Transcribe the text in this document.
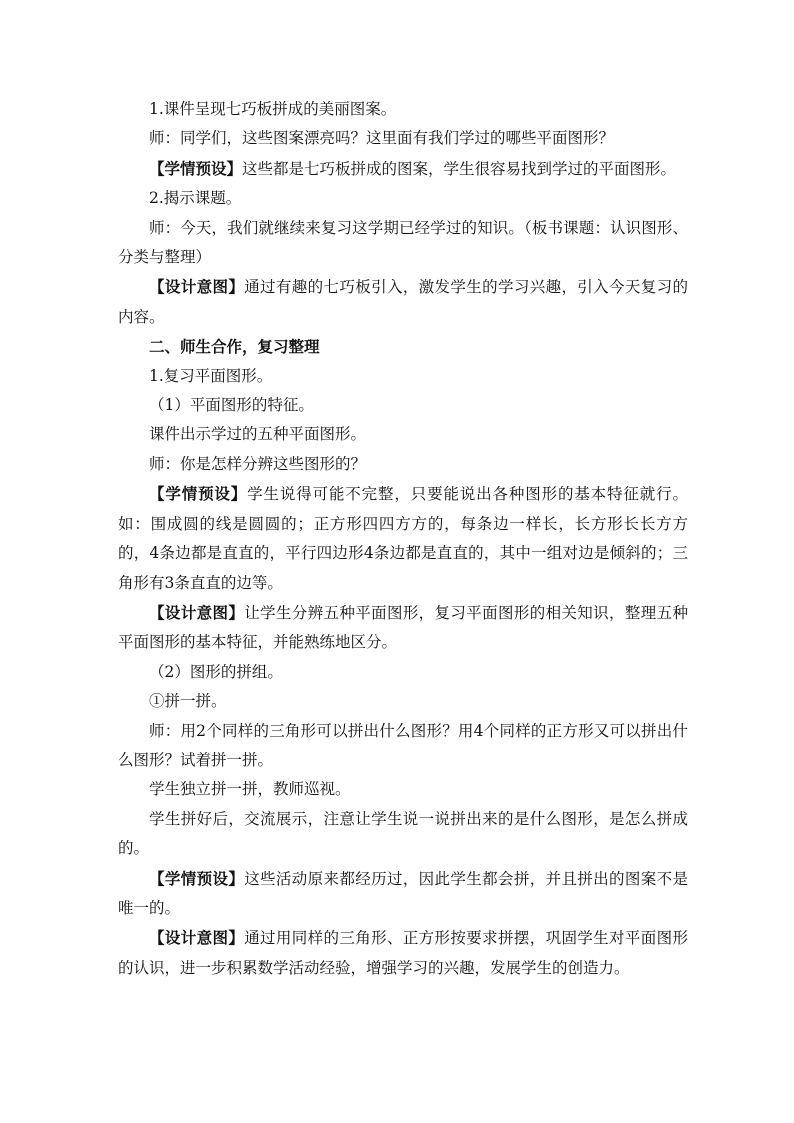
1.课件呈现七巧板拼成的美丽图案。

师：同学们，这些图案漂亮吗？这里面有我们学过的哪些平面图形？

【学情预设】这些都是七巧板拼成的图案，学生很容易找到学过的平面图形。

2.揭示课题。

师：今天，我们就继续来复习这学期已经学过的知识。（板书课题：认识图形、分类与整理）

【设计意图】通过有趣的七巧板引入，激发学生的学习兴趣，引入今天复习的内容。

二、师生合作，复习整理

1.复习平面图形。

（1）平面图形的特征。

课件出示学过的五种平面图形。

师：你是怎样分辨这些图形的？

【学情预设】学生说得可能不完整，只要能说出各种图形的基本特征就行。如：围成圆的线是圆圆的；正方形四四方方的，每条边一样长，长方形长长方方的，4条边都是直直的，平行四边形4条边都是直直的，其中一组对边是倾斜的；三角形有3条直直的边等。

【设计意图】让学生分辨五种平面图形，复习平面图形的相关知识，整理五种平面图形的基本特征，并能熟练地区分。

（2）图形的拼组。

①拼一拼。

师：用2个同样的三角形可以拼出什么图形？用4个同样的正方形又可以拼出什么图形？试着拼一拼。

学生独立拼一拼，教师巡视。

学生拼好后，交流展示，注意让学生说一说拼出来的是什么图形，是怎么拼成的。

【学情预设】这些活动原来都经历过，因此学生都会拼，并且拼出的图案不是唯一的。

【设计意图】通过用同样的三角形、正方形按要求拼摆，巩固学生对平面图形的认识，进一步积累数学活动经验，增强学习的兴趣，发展学生的创造力。
